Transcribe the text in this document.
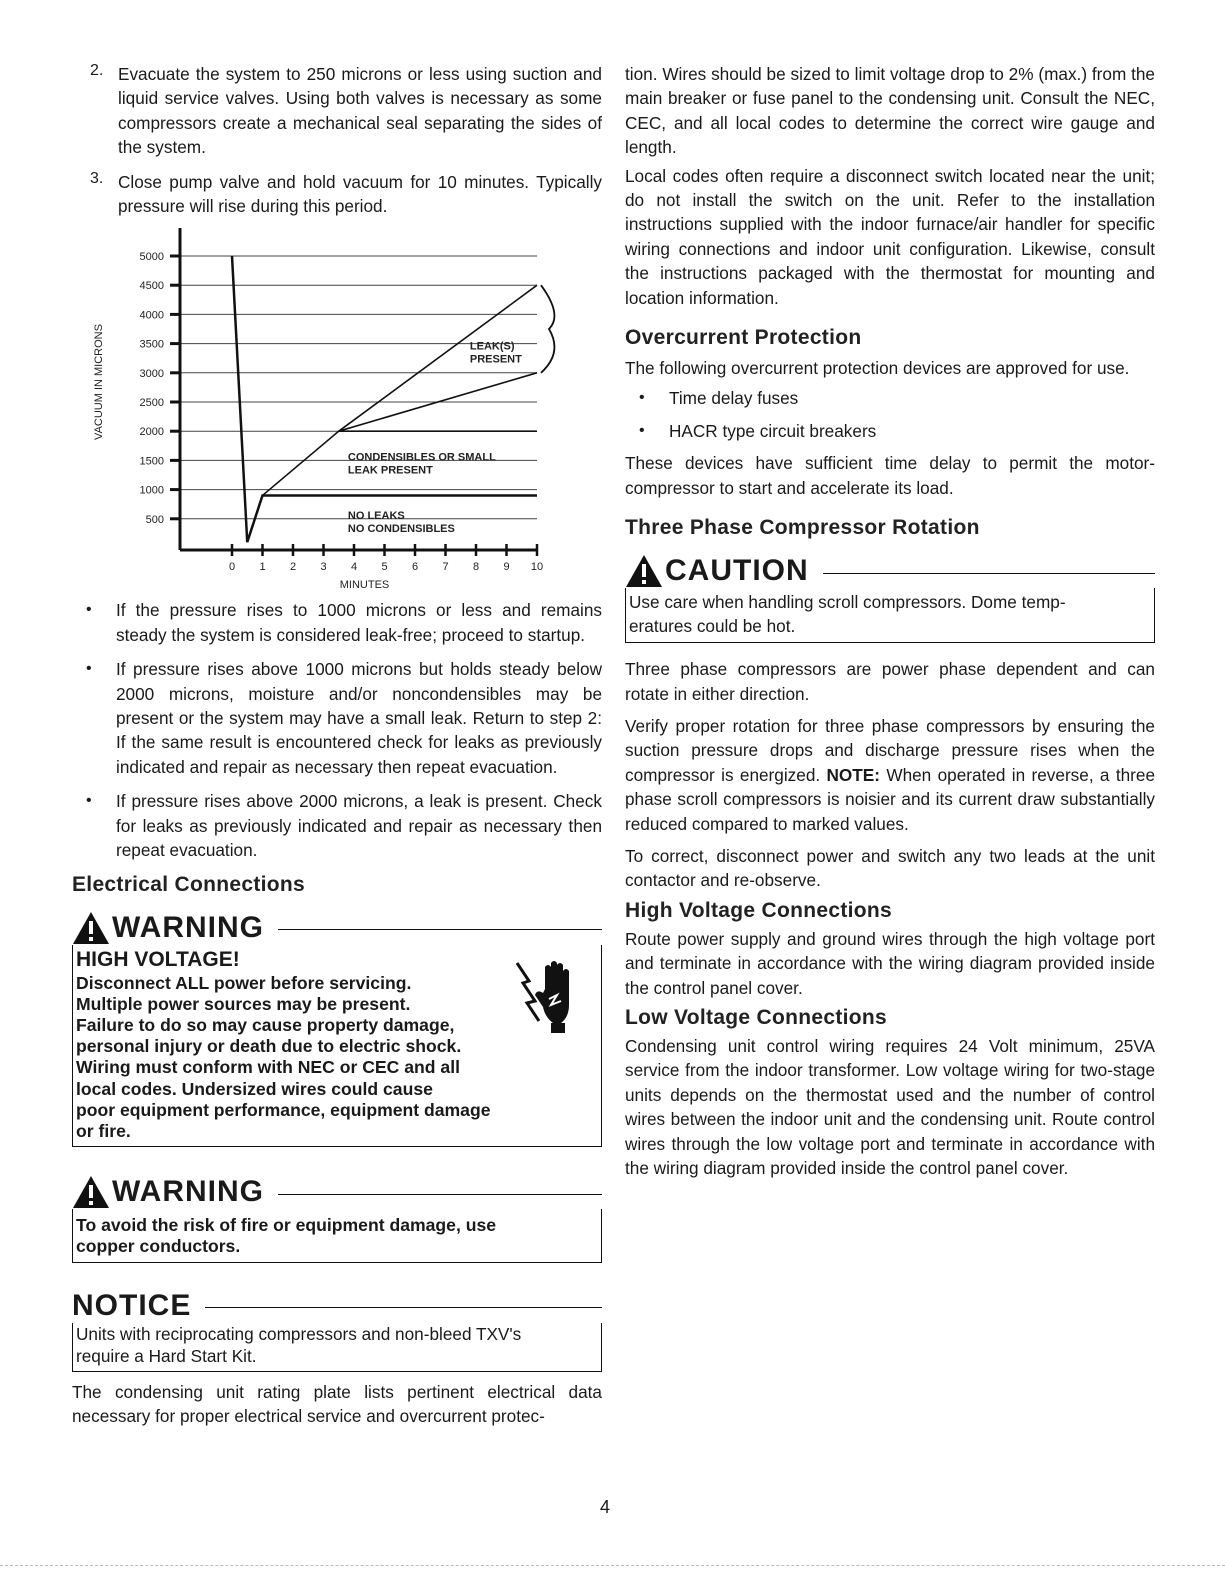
2. Evacuate the system to 250 microns or less using suction and liquid service valves. Using both valves is necessary as some compressors create a mechanical seal separating the sides of the system.
3. Close pump valve and hold vacuum for 10 minutes. Typically pressure will rise during this period.
500
1000
1500
2000
2500
3000
3500
4000
4500
5000
0 1 2 3 4 5 6 7 8 9 10
MINUTES
VACUUM IN MICRONS	LEAK(S)
PRESENT
CONDENSIBLES OR SMALL
LEAK PRESENT
NO LEAKS
NO CONDENSIBLES
•	If the pressure rises to 1000 microns or less and remains steady the system is considered leak-free; proceed to startup.
•	If pressure rises above 1000 microns but holds steady below 2000 microns, moisture and/or noncondensibles may be present or the system may have a small leak. Return to step 2: If the same result is encountered check for leaks as previously indicated and repair as necessary then repeat evacuation.
•	If pressure rises above 2000 microns, a leak is present. Check for leaks as previously indicated and repair as necessary then repeat evacuation.
Electrical Connections
WARNING
HIGH VOLTAGE!
Disconnect ALL power before servicing.
Multiple power sources may be present.
Failure to do so may cause property damage,
personal injury or death due to electric shock.
Wiring must conform with NEC or CEC and all
local codes. Undersized wires could cause
poor equipment performance, equipment damage
or fire.
WARNING
To avoid the risk of fire or equipment damage, use
copper conductors.
NOTICE
Units with reciprocating compressors and non-bleed TXV's
require a Hard Start Kit.

The condensing unit rating plate lists pertinent electrical data necessary for proper electrical service and overcurrent protec-

tion. Wires should be sized to limit voltage drop to 2% (max.) from the main breaker or fuse panel to the condensing unit. Consult the NEC, CEC, and all local codes to determine the correct wire gauge and length.

Local codes often require a disconnect switch located near the unit; do not install the switch on the unit. Refer to the installation instructions supplied with the indoor furnace/air handler for specific wiring connections and indoor unit configuration. Likewise, consult the instructions packaged with the thermostat for mounting and location information.

Overcurrent Protection

The following overcurrent protection devices are approved for use.

•	Time delay fuses
•	HACR type circuit breakers

These devices have sufficient time delay to permit the motor-compressor to start and accelerate its load.

Three Phase Compressor Rotation
CAUTION
Use care when handling scroll compressors. Dome temp-
eratures could be hot.

Three phase compressors are power phase dependent and can rotate in either direction.

Verify proper rotation for three phase compressors by ensuring the suction pressure drops and discharge pressure rises when the compressor is energized. NOTE: When operated in reverse, a three phase scroll compressors is noisier and its current draw substantially reduced compared to marked values.

To correct, disconnect power and switch any two leads at the unit contactor and re-observe.

High Voltage Connections

Route power supply and ground wires through the high voltage port and terminate in accordance with the wiring diagram provided inside the control panel cover.

Low Voltage Connections

Condensing unit control wiring requires 24 Volt minimum, 25VA service from the indoor transformer. Low voltage wiring for two-stage units depends on the thermostat used and the number of control wires between the indoor unit and the condensing unit. Route control wires through the low voltage port and terminate in accordance with the wiring diagram provided inside the control panel cover.

4
